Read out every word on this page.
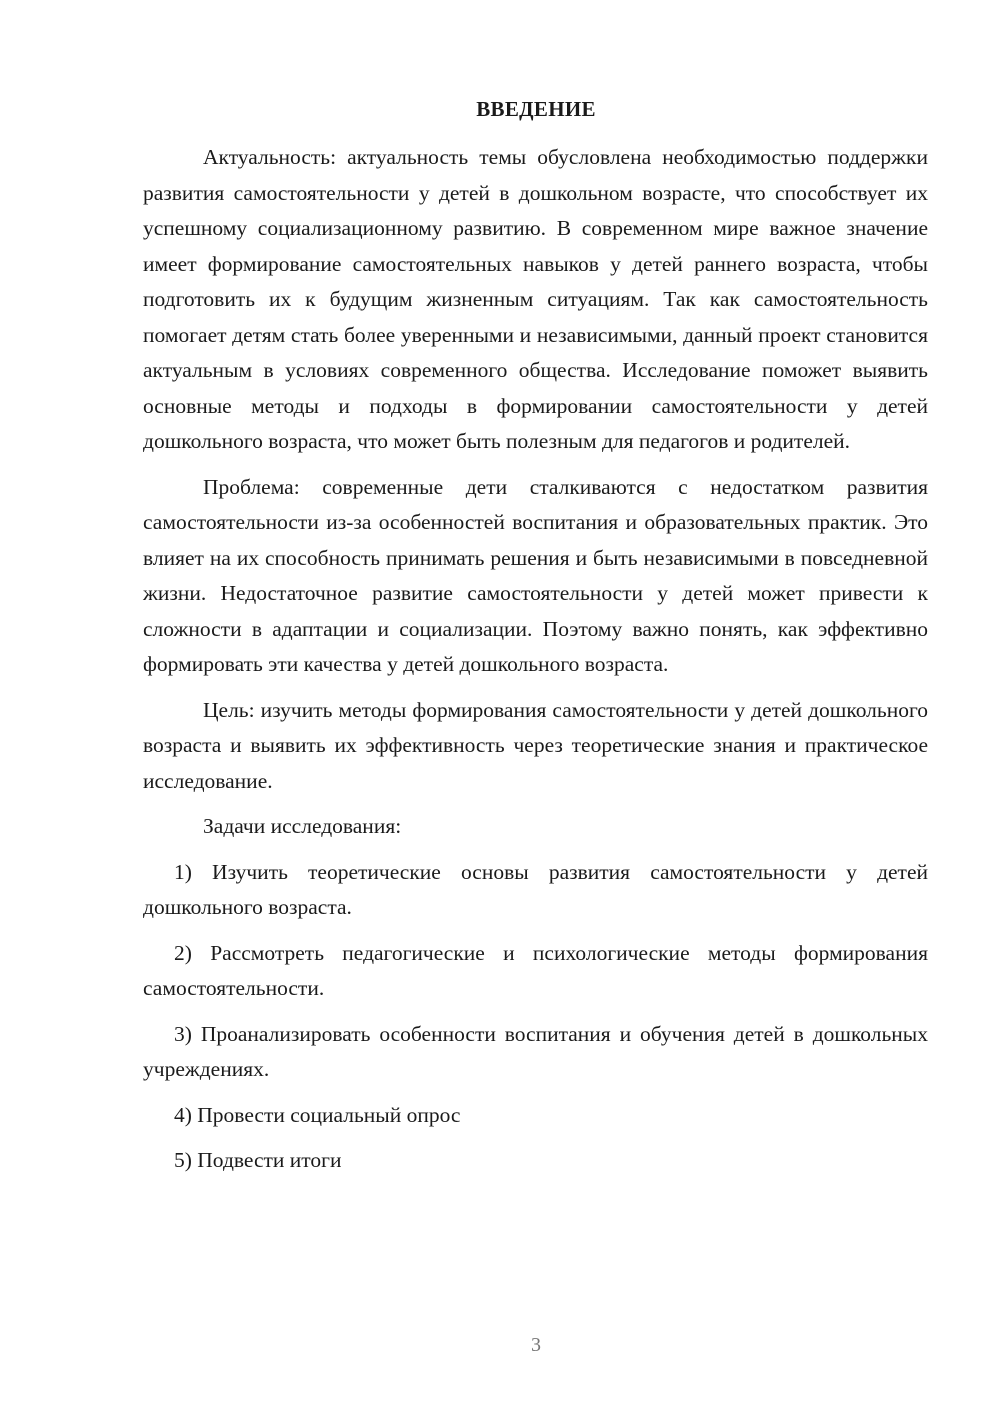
ВВЕДЕНИЕ

Актуальность: актуальность темы обусловлена необходимостью поддержки развития самостоятельности у детей в дошкольном возрасте, что способствует их успешному социализационному развитию. В современном мире важное значение имеет формирование самостоятельных навыков у детей раннего возраста, чтобы подготовить их к будущим жизненным ситуациям. Так как самостоятельность помогает детям стать более уверенными и независимыми, данный проект становится актуальным в условиях современного общества. Исследование поможет выявить основные методы и подходы в формировании самостоятельности у детей дошкольного возраста, что может быть полезным для педагогов и родителей.

Проблема: современные дети сталкиваются с недостатком развития самостоятельности из-за особенностей воспитания и образовательных практик. Это влияет на их способность принимать решения и быть независимыми в повседневной жизни. Недостаточное развитие самостоятельности у детей может привести к сложности в адаптации и социализации. Поэтому важно понять, как эффективно формировать эти качества у детей дошкольного возраста.

Цель: изучить методы формирования самостоятельности у детей дошкольного возраста и выявить их эффективность через теоретические знания и практическое исследование.

Задачи исследования:

1) Изучить теоретические основы развития самостоятельности у детей дошкольного возраста.

2) Рассмотреть педагогические и психологические методы формирования самостоятельности.

3) Проанализировать особенности воспитания и обучения детей в дошкольных учреждениях.

4) Провести социальный опрос

5) Подвести итоги

3
